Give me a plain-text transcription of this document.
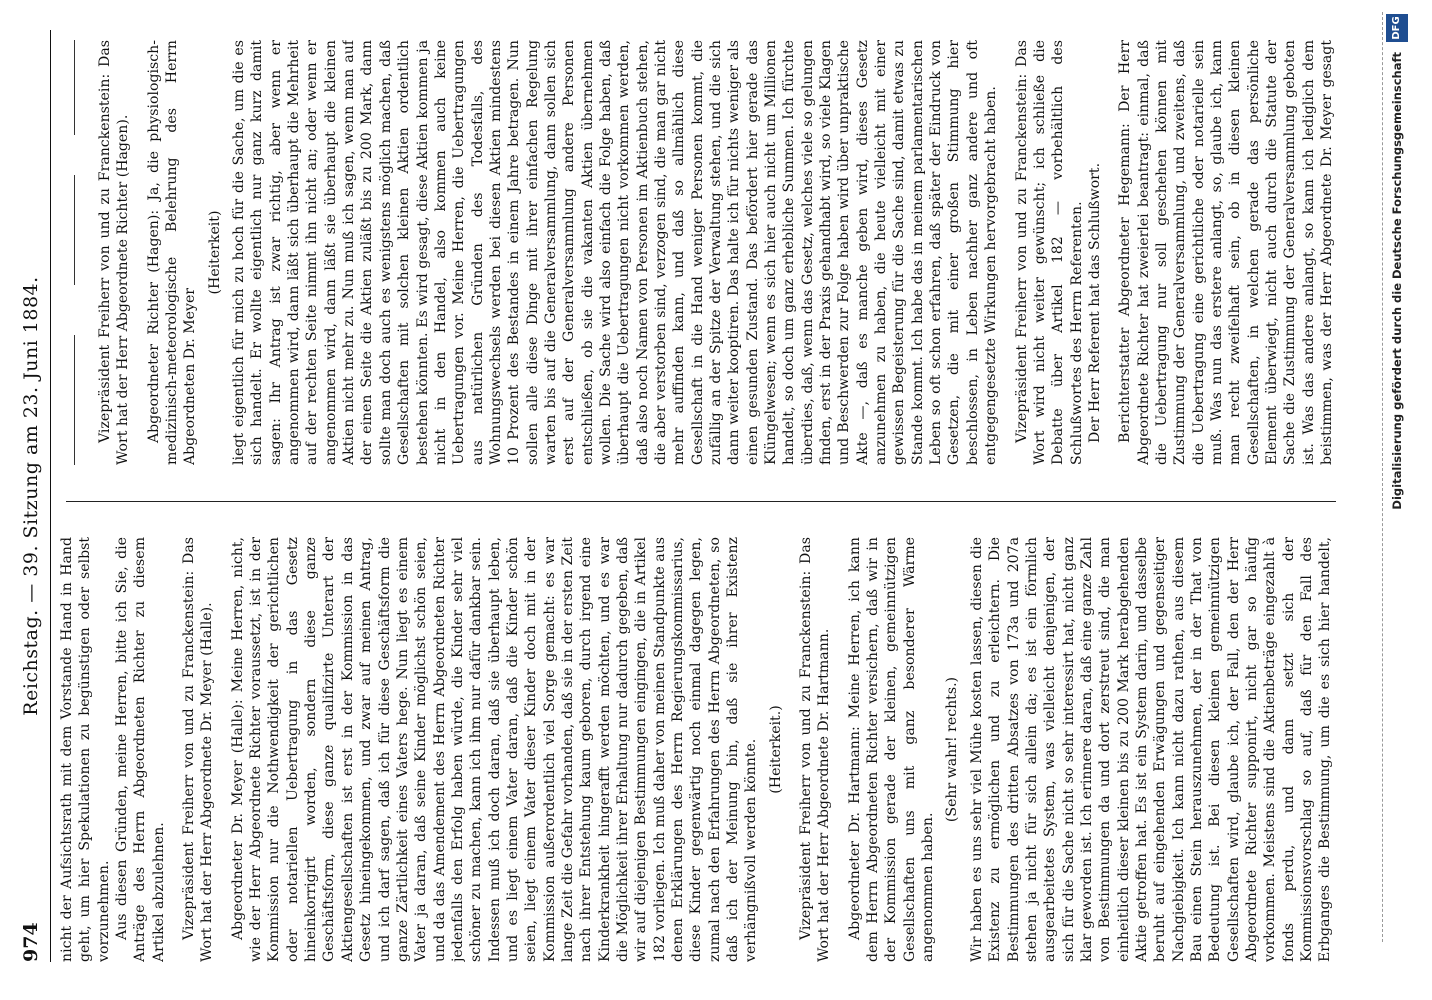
974
Reichstag. — 39. Sitzung am 23. Juni 1884.

nicht der Aufsichtsrath mit dem Vorstande Hand in Hand geht, um hier Spekulationen zu begünstigen oder selbst vorzunehmen. Aus diesen Gründen, meine Herren, bitte ich Sie, die Anträge des Herrn Abgeordneten Richter zu diesem Artikel abzulehnen. Vizepräsident Freiherr von und zu Franckenstein: Das Wort hat der Herr Abgeordnete Dr. Meyer (Halle). Abgeordneter Dr. Meyer (Halle): Meine Herren, nicht, wie der Herr Abgeordnete Richter voraussetzt, ist in der Kommission nur die Nothwendigkeit der gerichtlichen oder notariellen Uebertragung in das Gesetz hineinkorrigirt worden, sondern diese ganze Geschäftsform, diese ganze qualifizirte Unterart der Aktiengesellschaften ist erst in der Kommission in das Gesetz hineingekommen, und zwar auf meinen Antrag, und ich darf sagen, daß ich für diese Geschäftsform die ganze Zärtlichkeit eines Vaters hege. Nun liegt es einem Vater ja daran, daß seine Kinder möglichst schön seien, und da das Amendement des Herrn Abgeordneten Richter jedenfalls den Erfolg haben würde, die Kinder sehr viel schöner zu machen, kann ich ihm nur dafür dankbar sein. Indessen muß ich doch daran, daß sie überhaupt leben, und es liegt einem Vater daran, daß die Kinder schön seien, liegt einem Vater dieser Kinder doch mit in der Kommission außerordentlich viel Sorge gemacht: es war lange Zeit die Gefahr vorhanden, daß sie in der ersten Zeit nach ihrer Entstehung kaum geboren, durch irgend eine Kinderkrankheit hingerafft werden möchten, und es war die Möglichkeit ihrer Erhaltung nur dadurch gegeben, daß wir auf diejenigen Bestimmungen eingingen, die in Artikel 182 vorliegen. Ich muß daher von meinen Standpunkte aus denen Erklärungen des Herrn Regierungskommissarius, diese Kinder gegenwärtig noch einmal dagegen legen, zumal nach den Erfahrungen des Herrn Abgeordneten, so daß ich der Meinung bin, daß sie ihrer Existenz verhängnißvoll werden könnte. (Heiterkeit.) Vizepräsident Freiherr von und zu Franckenstein: Das Wort hat der Herr Abgeordnete Dr. Hartmann. Abgeordneter Dr. Hartmann: Meine Herren, ich kann dem Herrn Abgeordneten Richter versichern, daß wir in der Kommission gerade der kleinen, gemeinnützigen Gesellschaften uns mit ganz besonderer Wärme angenommen haben.

(Sehr wahr! rechts.)

Wir haben es uns sehr viel Mühe kosten lassen, diesen die Existenz zu ermöglichen und zu erleichtern. Die Bestimmungen des dritten Absatzes von 173a und 207a stehen ja nicht für sich allein da; es ist ein förmlich ausgearbeitetes System, was vielleicht denjenigen, der sich für die Sache nicht so sehr interessirt hat, nicht ganz klar geworden ist. Ich erinnere daran, daß eine ganze Zahl von Bestimmungen da und dort zerstreut sind, die man einheitlich dieser kleinen bis zu 200 Mark herabgehenden Aktie getroffen hat. Es ist ein System darin, und dasselbe beruht auf eingehenden Erwägungen und gegenseitiger Nachgiebigkeit. Ich kann nicht dazu rathen, aus diesem Bau einen Stein herauszunehmen, der in der That von Bedeutung ist. Bei diesen kleinen gemeinnützigen Gesellschaften wird, glaube ich, der Fall, den der Herr Abgeordnete Richter supponirt, nicht gar so häufig vorkommen. Meistens sind die Aktienbeträge eingezahlt à fonds perdu, und dann setzt sich der Kommissionsvorschlag so auf, daß für den Fall des Erbganges die Bestimmung, um die es sich hier handelt,

Vizepräsident Freiherr von und zu Franckenstein: Das Wort hat der Herr Abgeordnete Richter (Hagen). Abgeordneter Richter (Hagen): Ja, die physiologisch-medizinisch-meteorologische Belehrung des Herrn Abgeordneten Dr. Meyer

(Heiterkeit) liegt eigentlich für mich zu hoch für die Sache, um die es sich handelt. Er wollte eigentlich nur ganz kurz damit sagen: Ihr Antrag ist zwar richtig, aber wenn er angenommen wird, dann läßt sich überhaupt die Mehrheit auf der rechten Seite nimmt ihn nicht an; oder wenn er angenommen wird, dann läßt sie überhaupt die kleinen Aktien nicht mehr zu. Nun muß ich sagen, wenn man auf der einen Seite die Aktien zuläßt bis zu 200 Mark, dann sollte man doch auch es wenigstens möglich machen, daß Gesellschaften mit solchen kleinen Aktien ordentlich bestehen könnten. Es wird gesagt, diese Aktien kommen ja nicht in den Handel, also kommen auch keine Uebertragungen vor. Meine Herren, die Uebertragungen aus natürlichen Gründen des Todesfalls, des Wohnungswechsels werden bei diesen Aktien mindestens 10 Prozent des Bestandes in einem Jahre betragen. Nun sollen alle diese Dinge mit ihrer einfachen Regelung warten bis auf die Generalversammlung, dann sollen sich erst auf der Generalversammlung andere Personen entschließen, ob sie die vakanten Aktien übernehmen wollen. Die Sache wird also einfach die Folge haben, daß überhaupt die Uebertragungen nicht vorkommen werden, daß also noch Namen von Personen im Aktienbuch stehen, die aber verstorben sind, verzogen sind, die man gar nicht mehr auffinden kann, und daß so allmählich diese Gesellschaft in die Hand weniger Personen kommt, die zufällig an der Spitze der Verwaltung stehen, und die sich dann weiter kooptiren. Das halte ich für nichts weniger als einen gesunden Zustand. Das befördert hier gerade das Klüngelwesen; wenn es sich hier auch nicht um Millionen handelt, so doch um ganz erhebliche Summen. Ich fürchte überdies, daß, wenn das Gesetz, welches viele so gelungen finden, erst in der Praxis gehandhabt wird, so viele Klagen und Beschwerden zur Folge haben wird über unpraktische Akte —, daß es manche geben wird, dieses Gesetz anzunehmen zu haben, die heute vielleicht mit einer gewissen Begeisterung für die Sache sind, damit etwas zu Stande kommt. Ich habe das in meinem parlamentarischen Leben so oft schon erfahren, daß später der Eindruck von Gesetzen, die mit einer großen Stimmung hier beschlossen, in Leben nachher ganz andere und oft entgegengesetzte Wirkungen hervorgebracht haben. Vizepräsident Freiherr von und zu Franckenstein: Das Wort wird nicht weiter gewünscht; ich schließe die Debatte über Artikel 182 — vorbehältlich des Schlußwortes des Herrn Referenten. Der Herr Referent hat das Schlußwort. Berichterstatter Abgeordneter Hegemann: Der Herr Abgeordnete Richter hat zweierlei beantragt: einmal, daß die Uebertragung nur soll geschehen können mit Zustimmung der Generalversammlung, und zweitens, daß die Uebertragung eine gerichtliche oder notarielle sein muß. Was nun das erstere anlangt, so, glaube ich, kann man recht zweifelhaft sein, ob in diesen kleinen Gesellschaften, in welchen gerade das persönliche Element überwiegt, nicht auch durch die Statute der Sache die Zustimmung der Generalversammlung geboten ist. Was das andere anlangt, so kann ich lediglich dem beistimmen, was der Herr Abgeordnete Dr. Meyer gesagt	Digitalisierung gefördert durch die Deutsche Forschungsgemeinschaft
DFG
